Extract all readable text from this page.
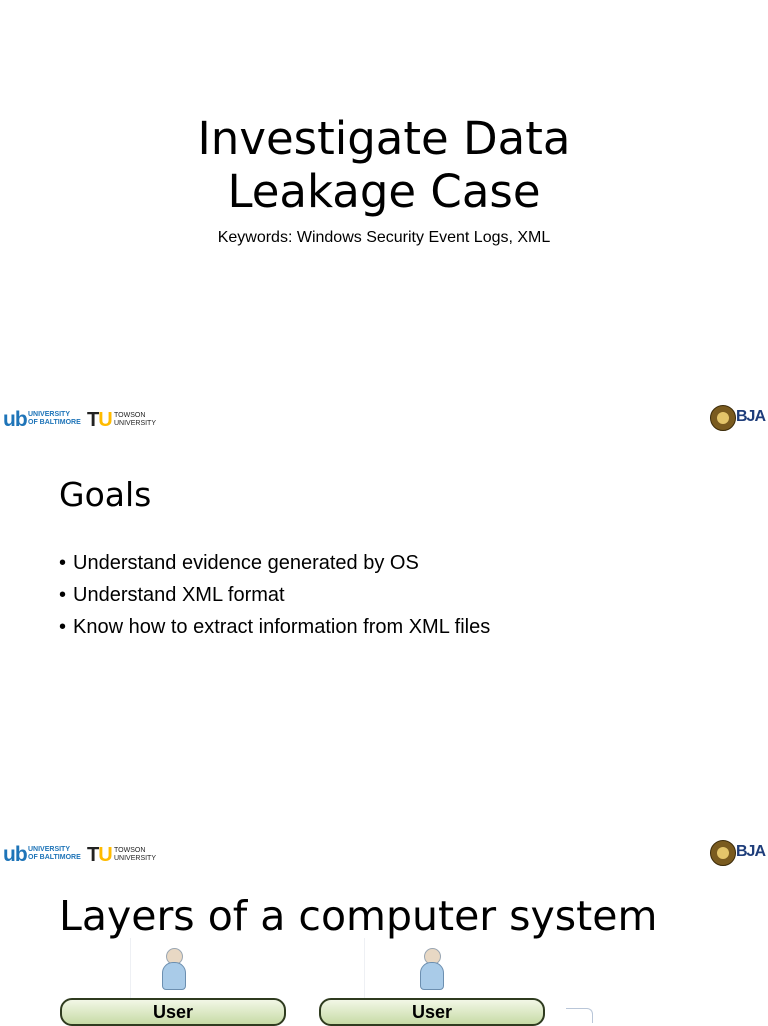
Investigate Data
Leakage Case
Keywords: Windows Security Event Logs, XML
ub UNIVERSITY
OF BALTIMORE TU TOWSON
UNIVERSITY	BJA
Goals
• Understand evidence generated by OS
• Understand XML format
• Know how to extract information from XML files
ub UNIVERSITY
OF BALTIMORE TU TOWSON
UNIVERSITY	BJA
Layers of a computer system
User	User
